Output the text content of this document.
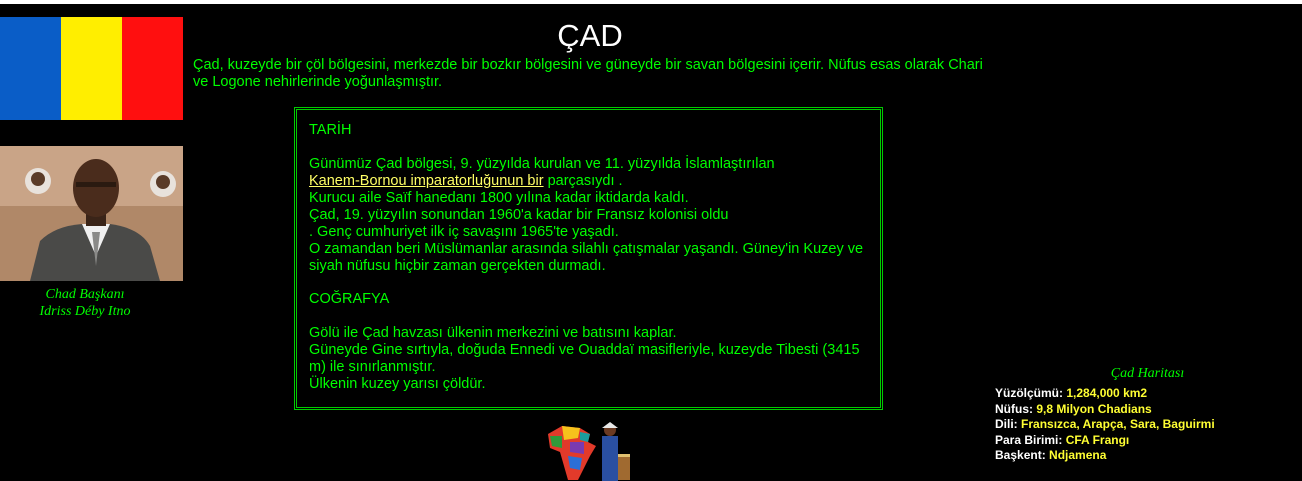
Chad Başkanı
Idriss Déby Itno
ÇAD
Çad, kuzeyde bir çöl bölgesini, merkezde bir bozkır bölgesini ve güneyde bir savan bölgesini içerir. Nüfus esas olarak Chari ve Logone nehirlerinde yoğunlaşmıştır.
TARİH
Günümüz Çad bölgesi, 9. yüzyılda kurulan ve 11. yüzyılda İslamlaştırılan
Kanem-Bornou imparatorluğunun bir parçasıydı .
Kurucu aile Saïf hanedanı 1800 yılına kadar iktidarda kaldı.
Çad, 19. yüzyılın sonundan 1960'a kadar bir Fransız kolonisi oldu
. Genç cumhuriyet ilk iç savaşını 1965'te yaşadı.
O zamandan beri Müslümanlar arasında silahlı çatışmalar yaşandı. Güney'in Kuzey ve siyah nüfusu hiçbir zaman gerçekten durmadı.
COĞRAFYA
Gölü ile Çad havzası ülkenin merkezini ve batısını kaplar.
Güneyde Gine sırtıyla, doğuda Ennedi ve Ouaddaï masifleriyle, kuzeyde Tibesti (3415 m) ile sınırlanmıştır.
Ülkenin kuzey yarısı çöldür.
Çad Haritası
Yüzölçümü: 1,284,000 km2
Nüfus: 9,8 Milyon Chadians
Dili: Fransızca, Arapça, Sara, Baguirmi
Para Birimi: CFA Frangı
Başkent: Ndjamena
